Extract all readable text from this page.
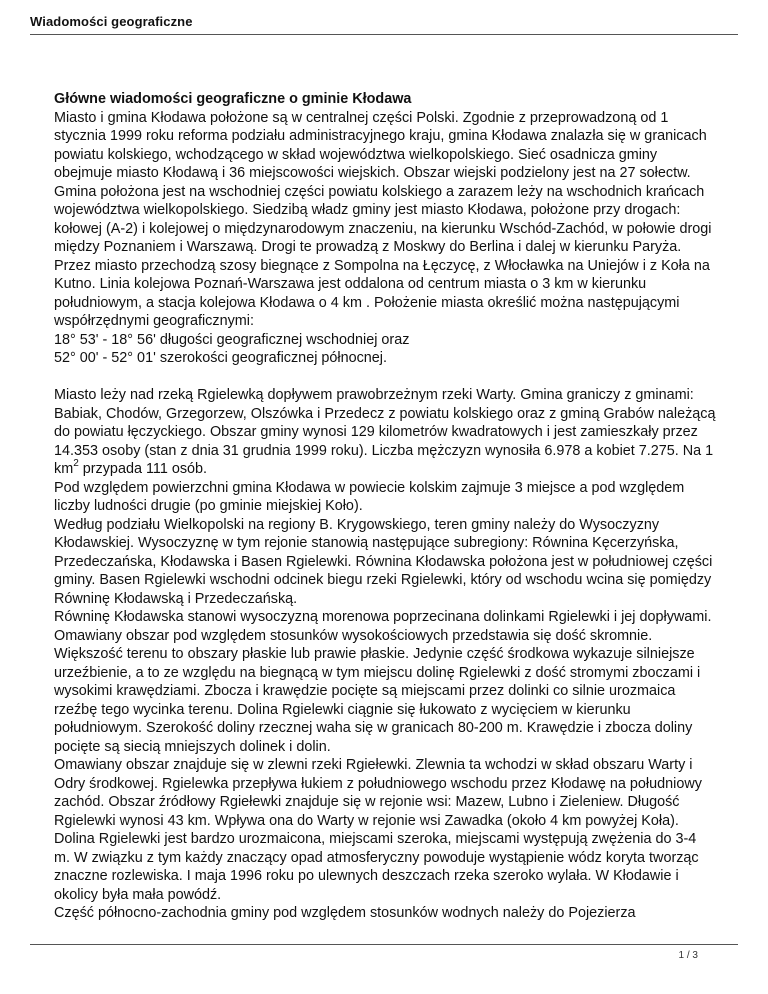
Wiadomości geograficzne

Główne wiadomości geograficzne o gminie Kłodawa

Miasto i gmina Kłodawa położone są w centralnej części Polski. Zgodnie z przeprowadzoną od 1 stycznia 1999 roku reforma podziału administracyjnego kraju, gmina Kłodawa znalazła się w granicach powiatu kolskiego, wchodzącego w skład województwa wielkopolskiego. Sieć osadnicza gminy obejmuje miasto Kłodawą i 36 miejscowości wiejskich. Obszar wiejski podzielony jest na 27 sołectw. Gmina położona jest na wschodniej części powiatu kolskiego a zarazem leży na wschodnich krańcach województwa wielkopolskiego. Siedzibą władz gminy jest miasto Kłodawa, położone przy drogach: kołowej (A-2) i kolejowej o międzynarodowym znaczeniu, na kierunku Wschód-Zachód, w połowie drogi między Poznaniem i Warszawą. Drogi te prowadzą z Moskwy do Berlina i dalej w kierunku Paryża. Przez miasto przechodzą szosy biegnące z Sompolna na Łęczycę, z Włocławka na Uniejów i z Koła na Kutno. Linia kolejowa Poznań-Warszawa jest oddalona od centrum miasta o 3 km w kierunku południowym, a stacja kolejowa Kłodawa o 4 km . Położenie miasta określić można następującymi współrzędnymi geograficznymi:

18° 53' - 18° 56' długości geograficznej wschodniej oraz

52° 00' - 52° 01' szerokości geograficznej północnej.

Miasto leży nad rzeką Rgielewką dopływem prawobrzeżnym rzeki Warty. Gmina graniczy z gminami: Babiak, Chodów, Grzegorzew, Olszówka i Przedecz z powiatu kolskiego oraz z gminą Grabów należącą do powiatu łęczyckiego. Obszar gminy wynosi 129 kilometrów kwadratowych i jest zamieszkały przez 14.353 osoby (stan z dnia 31 grudnia 1999 roku). Liczba mężczyzn wynosiła 6.978 a kobiet 7.275. Na 1 $km^2$ przypada 111 osób.

Pod względem powierzchni gmina Kłodawa w powiecie kolskim zajmuje 3 miejsce a pod względem liczby ludności drugie (po gminie miejskiej Koło).

Według podziału Wielkopolski na regiony B. Krygowskiego, teren gminy należy do Wysoczyzny Kłodawskiej. Wysoczyznę w tym rejonie stanowią następujące subregiony: Równina Kęcerzyńska, Przedeczańska, Kłodawska i Basen Rgielewki. Równina Kłodawska położona jest w południowej części gminy. Basen Rgielewki wschodni odcinek biegu rzeki Rgielewki, który od wschodu wcina się pomiędzy Równinę Kłodawską i Przedeczańską.

Równinę Kłodawska stanowi wysoczyzną morenowa poprzecinana dolinkami Rgielewki i jej dopływami. Omawiany obszar pod względem stosunków wysokościowych przedstawia się dość skromnie. Większość terenu to obszary płaskie lub prawie płaskie. Jedynie część środkowa wykazuje silniejsze urzeźbienie, a to ze względu na biegnącą w tym miejscu dolinę Rgielewki z dość stromymi zboczami i wysokimi krawędziami. Zbocza i krawędzie pocięte są miejscami przez dolinki co silnie urozmaica rzeźbę tego wycinka terenu. Dolina Rgielewki ciągnie się łukowato z wycięciem w kierunku południowym. Szerokość doliny rzecznej waha się w granicach 80-200 m. Krawędzie i zbocza doliny pocięte są siecią mniejszych dolinek i dolin.

Omawiany obszar znajduje się w zlewni rzeki Rgiełewki. Zlewnia ta wchodzi w skład obszaru Warty i Odry środkowej. Rgielewka przepływa łukiem z południowego wschodu przez Kłodawę na południowy zachód. Obszar źródłowy Rgiełewki znajduje się w rejonie wsi: Mazew, Lubno i Zieleniew. Długość Rgielewki wynosi 43 km. Wpływa ona do Warty w rejonie wsi Zawadka (około 4 km powyżej Koła). Dolina Rgielewki jest bardzo urozmaicona, miejscami szeroka, miejscami występują zwężenia do 3-4 m. W związku z tym każdy znaczący opad atmosferyczny powoduje wystąpienie wódz koryta tworząc znaczne rozlewiska. I maja 1996 roku po ulewnych deszczach rzeka szeroko wylała. W Kłodawie i okolicy była mała powódź.

Część północno-zachodnia gminy pod względem stosunków wodnych należy do Pojezierza

1 / 3
